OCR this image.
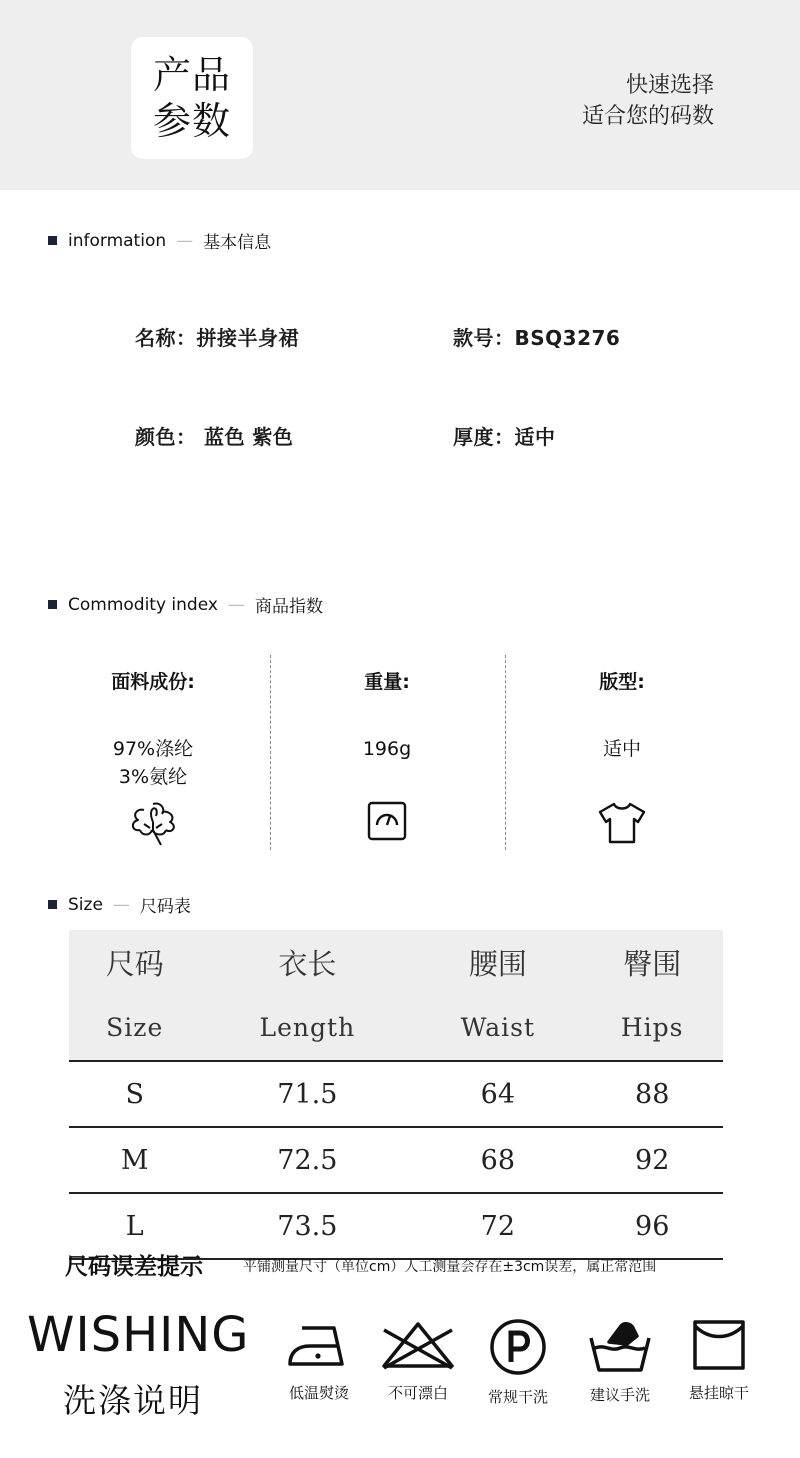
产品
参数
快速选择
适合您的码数
information — 基本信息
名称：拼接半身裙	款号：BSQ3276
颜色： 蓝色 紫色	厚度：适中
Commodity index — 商品指数
面料成份:
97%涤纶
3%氨纶
重量:
196g
版型:
适中
Size — 尺码表
尺码	衣长	腰围	臀围
Size	Length	Waist	Hips
S	71.5	64	88
M	72.5	68	92
L	73.5	72	96
尺码误差提示	平铺测量尺寸（单位cm）人工测量会存在±3cm误差，属正常范围
WISHING
洗涤说明	低温熨烫	不可漂白	常规干洗	建议手洗	悬挂晾干
